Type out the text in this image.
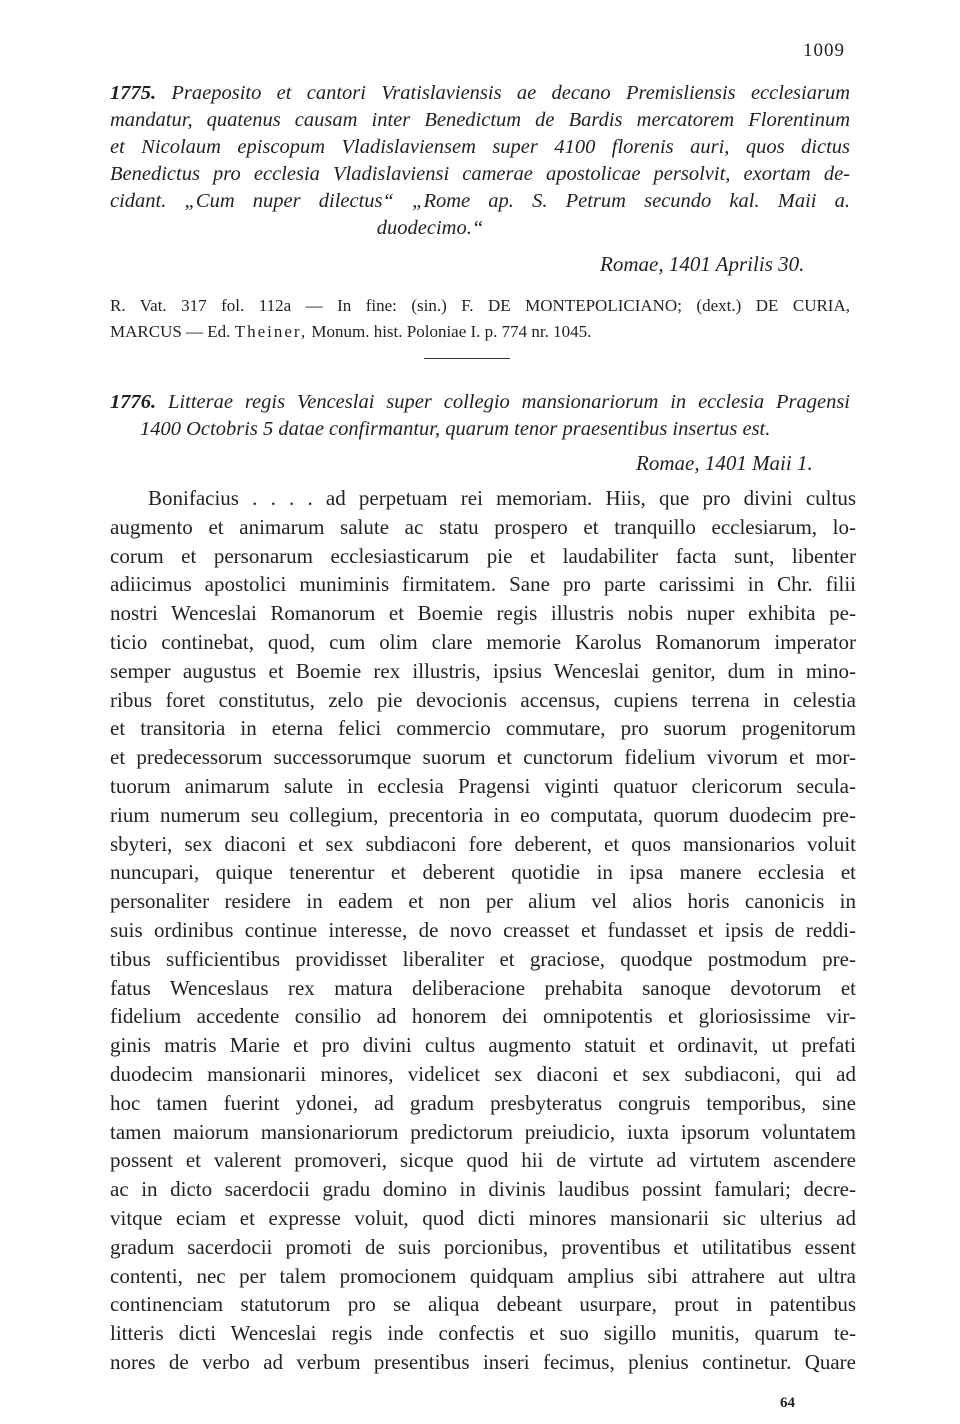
1009
1775. Praeposito et cantori Vratislaviensis ae decano Premisliensis ecclesiarum
mandatur, quatenus causam inter Benedictum de Bardis mercatorem Florentinum
et Nicolaum episcopum Vladislaviensem super 4100 florenis auri, quos dictus
Benedictus pro ecclesia Vladislaviensi camerae apostolicae persolvit, exortam de-
cidant. „Cum nuper dilectus“ „Rome ap. S. Petrum secundo kal. Maii a.
duodecimo.“
Romae, 1401 Aprilis 30.
R. Vat. 317 fol. 112a — In fine: (sin.) F. DE MONTEPOLICIANO; (dext.) DE CURIA,
MARCUS — Ed. Theiner, Monum. hist. Poloniae I. p. 774 nr. 1045.
1776. Litterae regis Venceslai super collegio mansionariorum in ecclesia Pragensi
1400 Octobris 5 datae confirmantur, quarum tenor praesentibus insertus est.
Romae, 1401 Maii 1.
Bonifacius . . . . ad perpetuam rei memoriam. Hiis, que pro divini cultus
augmento et animarum salute ac statu prospero et tranquillo ecclesiarum, lo-
corum et personarum ecclesiasticarum pie et laudabiliter facta sunt, libenter
adiicimus apostolici muniminis firmitatem. Sane pro parte carissimi in Chr. filii
nostri Wenceslai Romanorum et Boemie regis illustris nobis nuper exhibita pe-
ticio continebat, quod, cum olim clare memorie Karolus Romanorum imperator
semper augustus et Boemie rex illustris, ipsius Wenceslai genitor, dum in mino-
ribus foret constitutus, zelo pie devocionis accensus, cupiens terrena in celestia
et transitoria in eterna felici commercio commutare, pro suorum progenitorum
et predecessorum successorumque suorum et cunctorum fidelium vivorum et mor-
tuorum animarum salute in ecclesia Pragensi viginti quatuor clericorum secula-
rium numerum seu collegium, precentoria in eo computata, quorum duodecim pre-
sbyteri, sex diaconi et sex subdiaconi fore deberent, et quos mansionarios voluit
nuncupari, quique tenerentur et deberent quotidie in ipsa manere ecclesia et
personaliter residere in eadem et non per alium vel alios horis canonicis in
suis ordinibus continue interesse, de novo creasset et fundasset et ipsis de reddi-
tibus sufficientibus providisset liberaliter et graciose, quodque postmodum pre-
fatus Wenceslaus rex matura deliberacione prehabita sanoque devotorum et
fidelium accedente consilio ad honorem dei omnipotentis et gloriosissime vir-
ginis matris Marie et pro divini cultus augmento statuit et ordinavit, ut prefati
duodecim mansionarii minores, videlicet sex diaconi et sex subdiaconi, qui ad
hoc tamen fuerint ydonei, ad gradum presbyteratus congruis temporibus, sine
tamen maiorum mansionariorum predictorum preiudicio, iuxta ipsorum voluntatem
possent et valerent promoveri, sicque quod hii de virtute ad virtutem ascendere
ac in dicto sacerdocii gradu domino in divinis laudibus possint famulari; decre-
vitque eciam et expresse voluit, quod dicti minores mansionarii sic ulterius ad
gradum sacerdocii promoti de suis porcionibus, proventibus et utilitatibus essent
contenti, nec per talem promocionem quidquam amplius sibi attrahere aut ultra
continenciam statutorum pro se aliqua debeant usurpare, prout in patentibus
litteris dicti Wenceslai regis inde confectis et suo sigillo munitis, quarum te-
nores de verbo ad verbum presentibus inseri fecimus, plenius continetur. Quare
64
